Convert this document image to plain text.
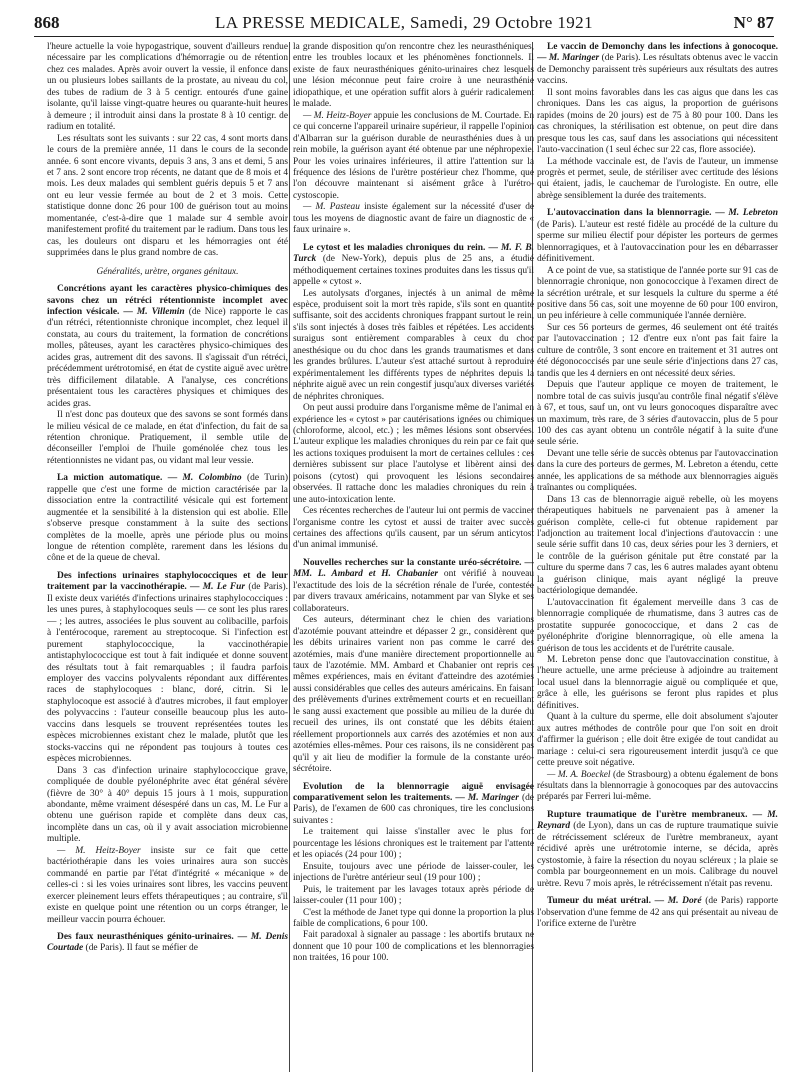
868	LA PRESSE MEDICALE, Samedi, 29 Octobre 1921	N° 87

l'heure actuelle la voie hypogastrique, souvent d'ailleurs rendue nécessaire par les complications d'hémorragie ou de rétention chez ces malades. Après avoir ouvert la vessie, il enfonce dans un ou plusieurs lobes saillants de la prostate, au niveau du col, des tubes de radium de 3 à 5 centigr. entourés d'une gaine isolante, qu'il laisse vingt-quatre heures ou quarante-huit heures à demeure ; il introduit ainsi dans la prostate 8 à 10 centigr. de radium en totalité.

Les résultats sont les suivants : sur 22 cas, 4 sont morts dans le cours de la première année, 11 dans le cours de la seconde année. 6 sont encore vivants, depuis 3 ans, 3 ans et demi, 5 ans et 7 ans. 2 sont encore trop récents, ne datant que de 8 mois et 4 mois. Les deux malades qui semblent guéris depuis 5 et 7 ans ont eu leur vessie fermée au bout de 2 et 3 mois. Cette statistique donne donc 26 pour 100 de guérison tout au moins momentanée, c'est-à-dire que 1 malade sur 4 semble avoir manifestement profité du traitement par le radium. Dans tous les cas, les douleurs ont disparu et les hémorragies ont été supprimées dans le plus grand nombre de cas.

Généralités, urètre, organes génitaux.

Concrétions ayant les caractères physico-chimiques des savons chez un rétréci rétentionniste incomplet avec infection vésicale. — M. Villemin (de Nice) rapporte le cas d'un rétréci, rétentionniste chronique incomplet, chez lequel il constata, au cours du traitement, la formation de concrétions molles, pâteuses, ayant les caractères physico-chimiques des acides gras, autrement dit des savons. Il s'agissait d'un rétréci, précédemment urétrotomisé, en état de cystite aiguë avec urètre très difficilement dilatable. A l'analyse, ces concrétions présentaient tous les caractères physiques et chimiques des acides gras.

Il n'est donc pas douteux que des savons se sont formés dans le milieu vésical de ce malade, en état d'infection, du fait de sa rétention chronique. Pratiquement, il semble utile de déconseiller l'emploi de l'huile goménolée chez tous les rétentionnistes ne vidant pas, ou vidant mal leur vessie.

La miction automatique. — M. Colombino (de Turin) rappelle que c'est une forme de miction caractérisée par la dissociation entre la contractilité vésicale qui est fortement augmentée et la sensibilité à la distension qui est abolie. Elle s'observe presque constamment à la suite des sections complètes de la moelle, après une période plus ou moins longue de rétention complète, rarement dans les lésions du cône et de la queue de cheval.
Des infections urinaires staphylococciques et de leur traitement par la vaccinothérapie. — M. Le Fur (de Paris). Il existe deux variétés d'infections urinaires staphylococciques : les unes pures, à staphylocoques seuls — ce sont les plus rares — ; les autres, associées le plus souvent au colibacille, parfois à l'entérocoque, rarement au streptocoque. Si l'infection est purement staphylococcique, la vaccinothérapie antistaphylococcique est tout à fait indiquée et donne souvent des résultats tout à fait remarquables ; il faudra parfois employer des vaccins polyvalents répondant aux différentes races de staphylocoques : blanc, doré, citrin. Si le staphylocoque est associé à d'autres microbes, il faut employer des polyvaccins : l'auteur conseille beaucoup plus les auto-vaccins dans lesquels se trouvent représentées toutes les espèces microbiennes existant chez le malade, plutôt que les stocks-vaccins qui ne répondent pas toujours à toutes ces espèces microbiennes.

Dans 3 cas d'infection urinaire staphylococcique grave, compliquée de double pyélonéphrite avec état général sévère (fièvre de 30° à 40° depuis 15 jours à 1 mois, suppuration abondante, même vraiment désespéré dans un cas, M. Le Fur a obtenu une guérison rapide et complète dans deux cas, incomplète dans un cas, où il y avait association microbienne multiple.

— M. Heitz-Boyer insiste sur ce fait que cette bactériothérapie dans les voies urinaires aura son succès commandé en partie par l'état d'intégrité « mécanique » de celles-ci : si les voies urinaires sont libres, les vaccins peuvent exercer pleinement leurs effets thérapeutiques ; au contraire, s'il existe en quelque point une rétention ou un corps étranger, le meilleur vaccin pourra échouer.

Des faux neurasthéniques génito-urinaires. — M. Denis Courtade (de Paris). Il faut se méfier de

la grande disposition qu'on rencontre chez les neurasthéniques, entre les troubles locaux et les phénomènes fonctionnels. Il existe de faux neurasthéniques génito-urinaires chez lesquels une lésion méconnue peut faire croire à une neurasthénie idiopathique, et une opération suffit alors à guérir radicalement le malade.

— M. Heitz-Boyer appuie les conclusions de M. Courtade. En ce qui concerne l'appareil urinaire supérieur, il rappelle l'opinion d'Albarran sur la guérison durable de neurasthénies dues à un rein mobile, la guérison ayant été obtenue par une néphropexie. Pour les voies urinaires inférieures, il attire l'attention sur la fréquence des lésions de l'urètre postérieur chez l'homme, que l'on découvre maintenant si aisément grâce à l'urétro-cystoscopie.

— M. Pasteau insiste également sur la nécessité d'user de tous les moyens de diagnostic avant de faire un diagnostic de « faux urinaire ».

Le cytost et les maladies chroniques du rein. — M. F. B. Turck (de New-York), depuis plus de 25 ans, a étudié méthodiquement certaines toxines produites dans les tissus qu'il appelle « cytost ».

Les autolysats d'organes, injectés à un animal de même espèce, produisent soit la mort très rapide, s'ils sont en quantité suffisante, soit des accidents chroniques frappant surtout le rein, s'ils sont injectés à doses très faibles et répétées. Les accidents suraigus sont entièrement comparables à ceux du choc anesthésique ou du choc dans les grands traumatismes et dans les grandes brûlures. L'auteur s'est attaché surtout à reproduire expérimentalement les différents types de néphrites depuis la néphrite aiguë avec un rein congestif jusqu'aux diverses variétés de néphrites chroniques.

On peut aussi produire dans l'organisme même de l'animal en expérience les « cytost » par cautérisations ignées ou chimiques (chloroforme, alcool, etc.) ; les mêmes lésions sont observées. L'auteur explique les maladies chroniques du rein par ce fait que les actions toxiques produisent la mort de certaines cellules : ces dernières subissent sur place l'autolyse et libèrent ainsi des poisons (cytost) qui provoquent les lésions secondaires observées. Il rattache donc les maladies chroniques du rein à une auto-intoxication lente.

Ces récentes recherches de l'auteur lui ont permis de vacciner l'organisme contre les cytost et aussi de traiter avec succès certaines des affections qu'ils causent, par un sérum anticytost d'un animal immunisé.

Nouvelles recherches sur la constante uréo-sécrétoire. — MM. L. Ambard et H. Chabanier ont vérifié à nouveau l'exactitude des lois de la sécrétion rénale de l'urée, contestée par divers travaux américains, notamment par van Slyke et ses collaborateurs.

Ces auteurs, déterminant chez le chien des variations d'azotémie pouvant atteindre et dépasser 2 gr., considèrent que les débits urinaires varient non pas comme le carré des azotémies, mais d'une manière directement proportionnelle au taux de l'azotémie. MM. Ambard et Chabanier ont repris ces mêmes expériences, mais en évitant d'atteindre des azotémies aussi considérables que celles des auteurs américains. En faisant des prélèvements d'urines extrêmement courts et en recueillant le sang aussi exactement que possible au milieu de la durée du recueil des urines, ils ont constaté que les débits étaient réellement proportionnels aux carrés des azotémies et non aux azotémies elles-mêmes. Pour ces raisons, ils ne considèrent pas qu'il y ait lieu de modifier la formule de la constante uréo-sécrétoire.

Evolution de la blennorragie aiguë envisagée comparativement selon les traitements. — M. Maringer (de Paris), de l'examen de 600 cas chroniques, tire les conclusions suivantes :

Le traitement qui laisse s'installer avec le plus fort pourcentage les lésions chroniques est le traitement par l'attente et les opiacés (24 pour 100) ;

Ensuite, toujours avec une période de laisser-couler, les injections de l'urètre antérieur seul (19 pour 100) ;

Puis, le traitement par les lavages totaux après période de laisser-couler (11 pour 100) ;

C'est la méthode de Janet type qui donne la proportion la plus faible de complications, 6 pour 100.

Fait paradoxal à signaler au passage : les abortifs brutaux ne donnent que 10 pour 100 de complications et les blennorragies non traitées, 16 pour 100.

Le vaccin de Demonchy dans les infections à gonocoque. — M. Maringer (de Paris). Les résultats obtenus avec le vaccin de Demonchy paraissent très supérieurs aux résultats des autres vaccins.

Il sont moins favorables dans les cas aigus que dans les cas chroniques. Dans les cas aigus, la proportion de guérisons rapides (moins de 20 jours) est de 75 à 80 pour 100. Dans les cas chroniques, la stérilisation est obtenue, on peut dire dans presque tous les cas, sauf dans les associations qui nécessitent l'auto-vaccination (1 seul échec sur 22 cas, flore associée).

La méthode vaccinale est, de l'avis de l'auteur, un immense progrès et permet, seule, de stériliser avec certitude des lésions qui étaient, jadis, le cauchemar de l'urologiste. En outre, elle abrège sensiblement la durée des traitements.

L'autovaccination dans la blennorragie. — M. Lebreton (de Paris). L'auteur est resté fidèle au procédé de la culture du sperme sur milieu électif pour dépister les porteurs de germes blennorragiques, et à l'autovaccination pour les en débarrasser définitivement.

A ce point de vue, sa statistique de l'année porte sur 91 cas de blennorragie chronique, non gonococcique à l'examen direct de la sécrétion urétrale, et sur lesquels la culture du sperme a été positive dans 56 cas, soit une moyenne de 60 pour 100 environ, un peu inférieure à celle communiquée l'année dernière.

Sur ces 56 porteurs de germes, 46 seulement ont été traités par l'autovaccination ; 12 d'entre eux n'ont pas fait faire la culture de contrôle, 3 sont encore en traitement et 31 autres ont été dégonococcisés par une seule série d'injections dans 27 cas, tandis que les 4 derniers en ont nécessité deux séries.

Depuis que l'auteur applique ce moyen de traitement, le nombre total de cas suivis jusqu'au contrôle final négatif s'élève à 67, et tous, sauf un, ont vu leurs gonocoques disparaître avec un maximum, très rare, de 3 séries d'autovaccin, plus de 5 pour 100 des cas ayant obtenu un contrôle négatif à la suite d'une seule série.

Devant une telle série de succès obtenus par l'autovaccination dans la cure des porteurs de germes, M. Lebreton a étendu, cette année, les applications de sa méthode aux blennorragies aiguës traînantes ou compliquées.

Dans 13 cas de blennorragie aiguë rebelle, où les moyens thérapeutiques habituels ne parvenaient pas à amener la guérison complète, celle-ci fut obtenue rapidement par l'adjonction au traitement local d'injections d'autovaccin : une seule série suffit dans 10 cas, deux séries pour les 3 derniers, et le contrôle de la guérison génitale put être constaté par la culture du sperme dans 7 cas, les 6 autres malades ayant obtenu la guérison clinique, mais ayant négligé la preuve bactériologique demandée.

L'autovaccination fit également merveille dans 3 cas de blennorragie compliquée de rhumatisme, dans 3 autres cas de prostatite suppurée gonococcique, et dans 2 cas de pyélonéphrite d'origine blennorragique, où elle amena la guérison de tous les accidents et de l'urétrite causale.

M. Lebreton pense donc que l'autovaccination constitue, à l'heure actuelle, une arme précieuse à adjoindre au traitement local usuel dans la blennorragie aiguë ou compliquée et que, grâce à elle, les guérisons se feront plus rapides et plus définitives.

Quant à la culture du sperme, elle doit absolument s'ajouter aux autres méthodes de contrôle pour que l'on soit en droit d'affirmer la guérison ; elle doit être exigée de tout candidat au mariage : celui-ci sera rigoureusement interdit jusqu'à ce que cette preuve soit négative.

— M. A. Boeckel (de Strasbourg) a obtenu également de bons résultats dans la blennorragie à gonocoques par des autovaccins préparés par Ferreri lui-même.

Rupture traumatique de l'urètre membraneux. — M. Reynard (de Lyon), dans un cas de rupture traumatique suivie de rétrécissement scléreux de l'urètre membraneux, ayant récidivé après une urétrotomie interne, se décida, après cystostomie, à faire la résection du noyau scléreux ; la plaie se combla par bourgeonnement en un mois. Calibrage du nouvel urètre. Revu 7 mois après, le rétrécissement n'était pas revenu.
Tumeur du méat urétral. — M. Doré (de Paris) rapporte l'observation d'une femme de 42 ans qui présentait au niveau de l'orifice externe de l'urètre
